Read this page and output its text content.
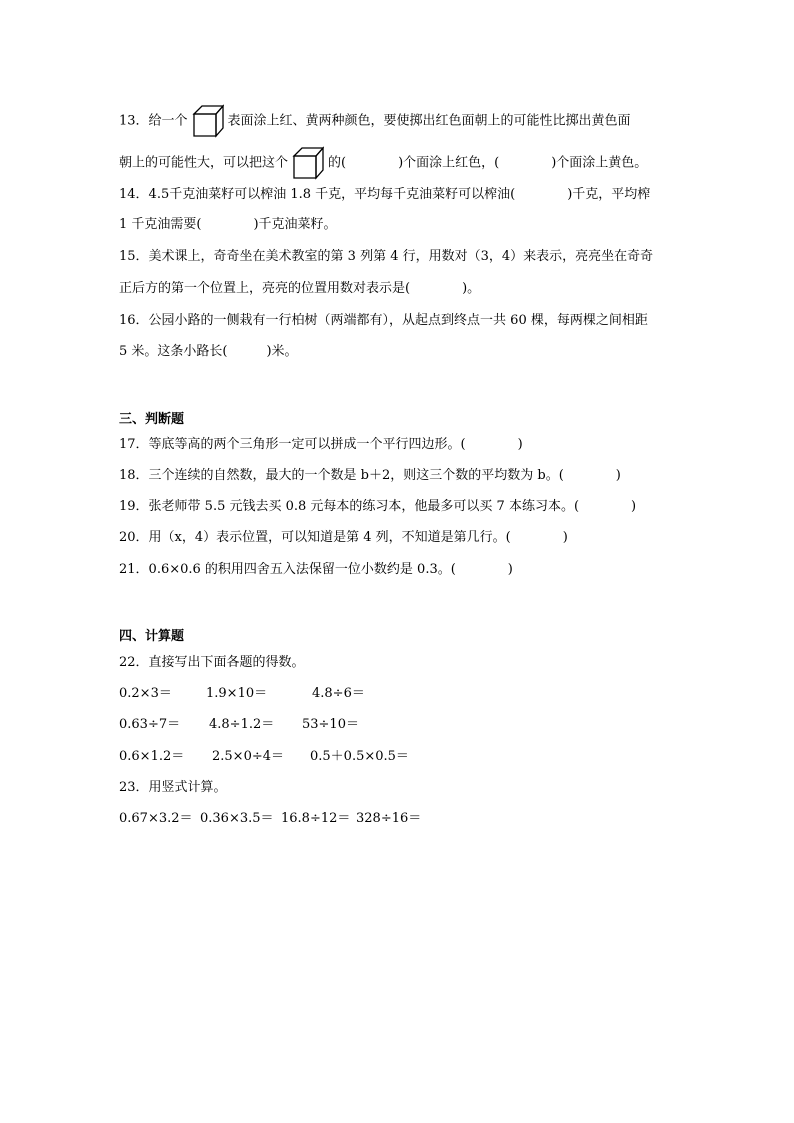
13．给一个	表面涂上红、黄两种颜色，要使掷出红色面朝上的可能性比掷出黄色面
朝上的可能性大，可以把这个	的(　　　　)个面涂上红色，(　　　　)个面涂上黄色。
14．4.5千克油菜籽可以榨油 1.8 千克，平均每千克油菜籽可以榨油(　　　　)千克，平均榨
1 千克油需要(　　　　)千克油菜籽。
15．美术课上，奇奇坐在美术教室的第 3 列第 4 行，用数对（3，4）来表示，亮亮坐在奇奇
正后方的第一个位置上，亮亮的位置用数对表示是(　　　　)。
16．公园小路的一侧栽有一行柏树（两端都有），从起点到终点一共 60 棵，每两棵之间相距
5 米。这条小路长(　　　)米。
三、判断题
17．等底等高的两个三角形一定可以拼成一个平行四边形。(　　　　)
18．三个连续的自然数，最大的一个数是 b＋2，则这三个数的平均数为 b。(　　　　)
19．张老师带 5.5 元钱去买 0.8 元每本的练习本，他最多可以买 7 本练习本。(　　　　)
20．用（x，4）表示位置，可以知道是第 4 列，不知道是第几行。(　　　　)
21．0.6×0.6 的积用四舍五入法保留一位小数约是 0.3。(　　　　)
四、计算题
22．直接写出下面各题的得数。
0.2×3＝	1.9×10＝	4.8÷6＝
0.63÷7＝ 4.8÷1.2＝ 53÷10＝
0.6×1.2＝ 2.5×0÷4＝ 0.5＋0.5×0.5＝
23．用竖式计算。
0.67×3.2＝ 0.36×3.5＝ 16.8÷12＝ 328÷16＝
